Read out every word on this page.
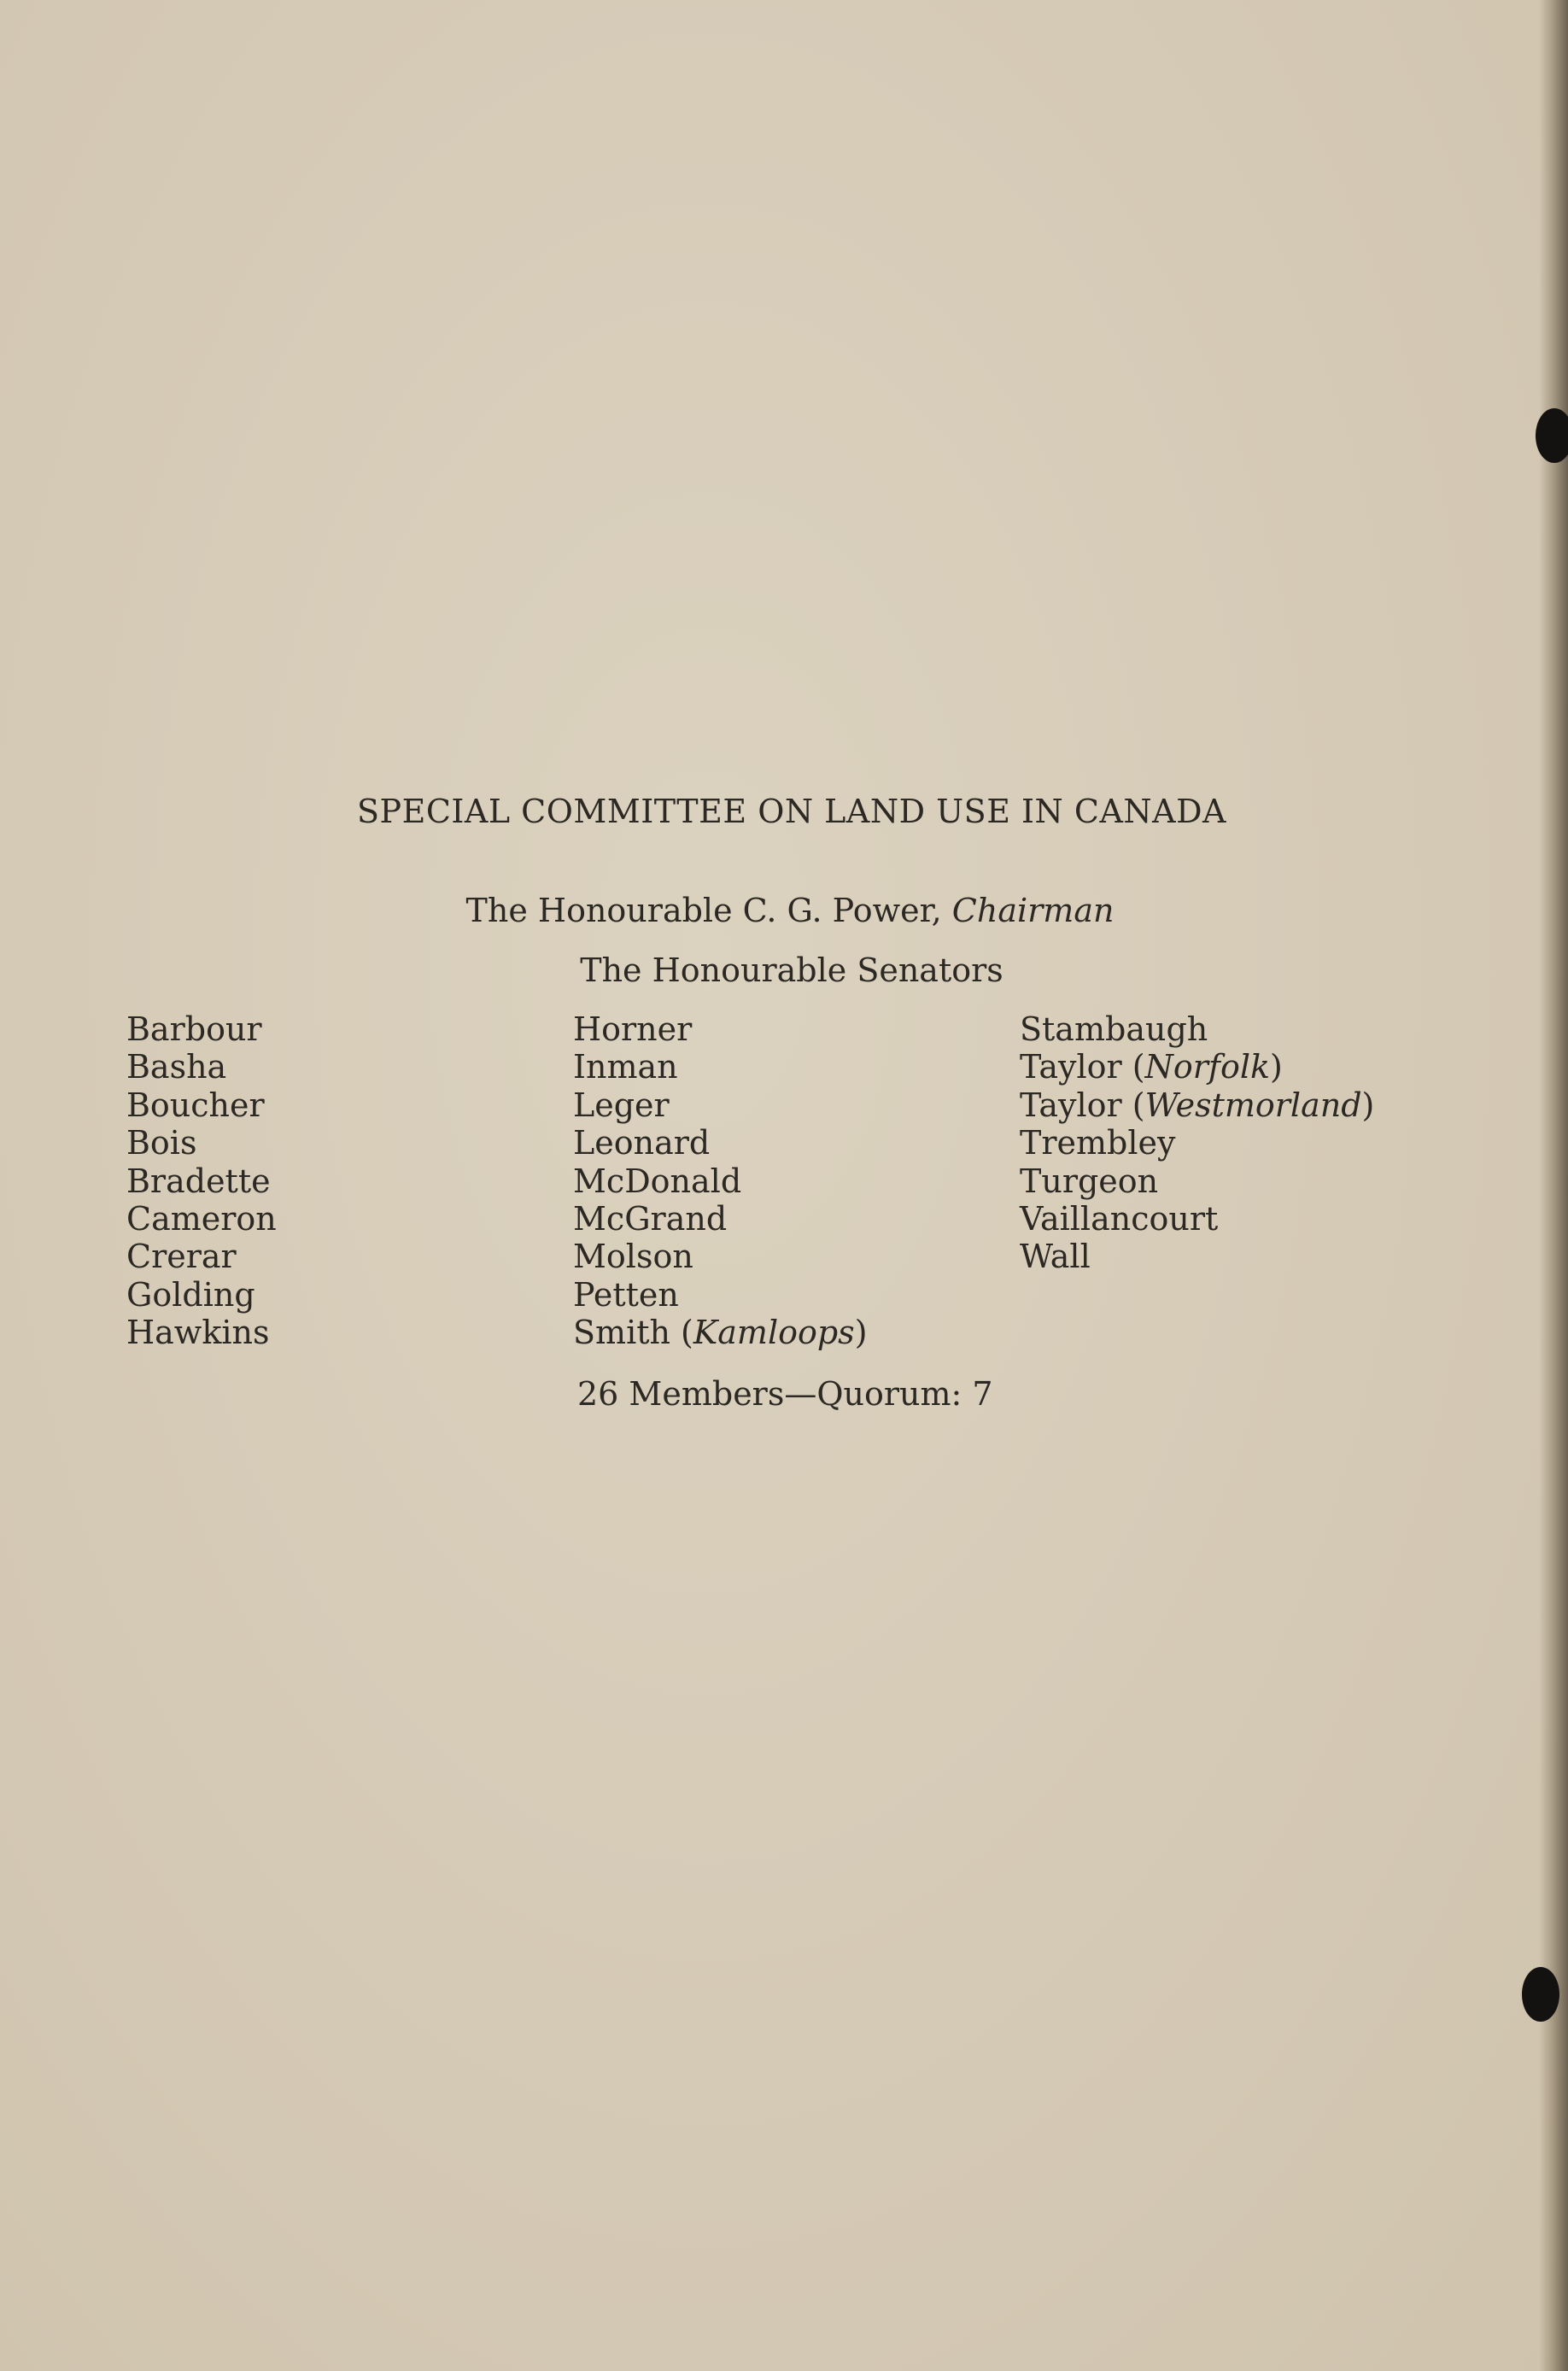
SPECIAL COMMITTEE ON LAND USE IN CANADA
The Honourable C. G. Power, Chairman
The Honourable Senators
Barbour
Basha
Boucher
Bois
Bradette
Cameron
Crerar
Golding
Hawkins
Horner
Inman
Leger
Leonard
McDonald
McGrand
Molson
Petten
Smith (Kamloops)
Stambaugh
Taylor (Norfolk)
Taylor (Westmorland)
Trembley
Turgeon
Vaillancourt
Wall
26 Members—Quorum: 7
